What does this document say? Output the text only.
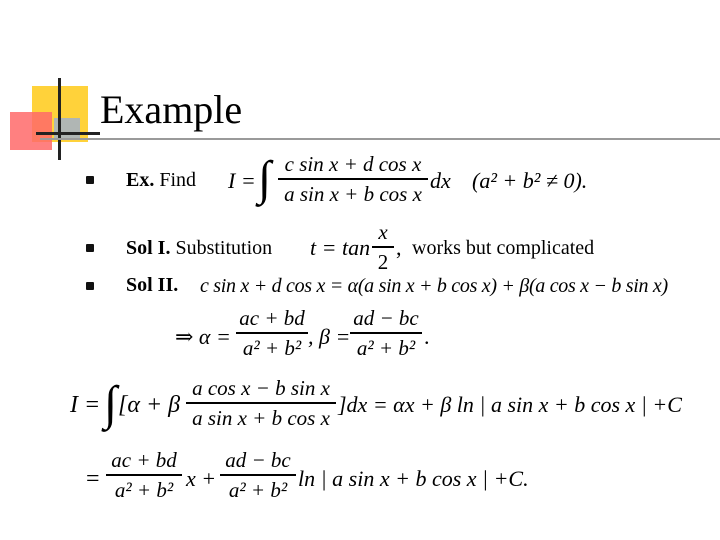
Example
Ex. Find I = ∫ c sin x + d cos x
a sin x + b cos x
dx (a² + b² ≠ 0).
Sol I. Substitution t = tan
x
2
, works but complicated
Sol II. c sin x + d cos x = α(a sin x + b cos x) + β(a cos x − b sin x)
⇒ α =
ac + bd
a² + b² , β =
ad − bc
a² + b² .
I = ∫ [α + β
a cos x − b sin x
a sin x + b cos x
]dx = αx + β ln | a sin x + b cos x | +C
=
ac + bd
a² + b² x +
ad − bc
a² + b² ln | a sin x + b cos x | +C.
